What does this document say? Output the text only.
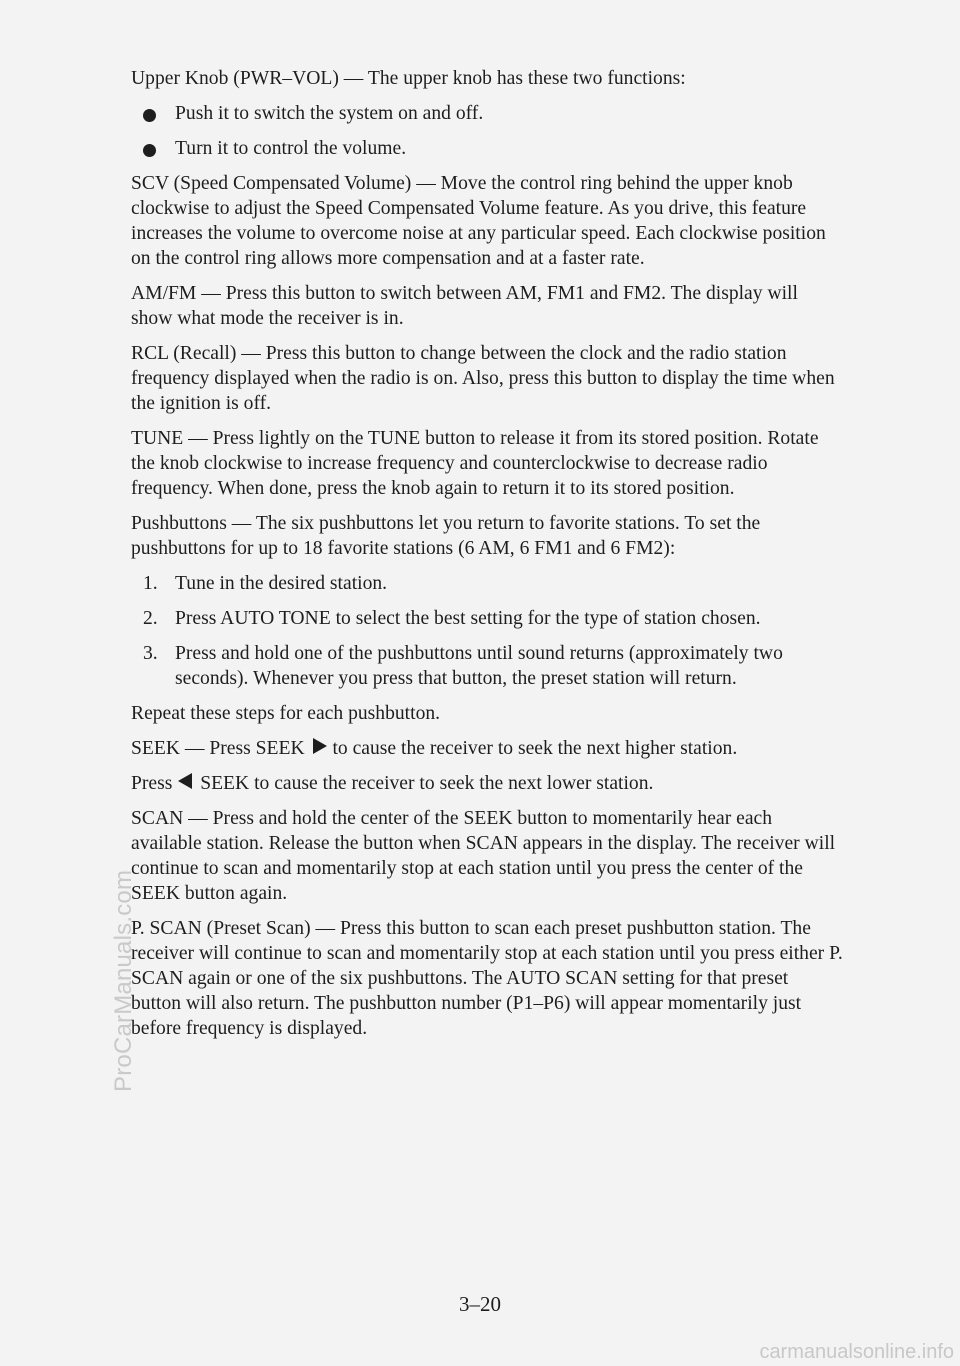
Upper Knob (PWR–VOL) — The upper knob has these two functions:

Push it to switch the system on and off.
Turn it to control the volume.

SCV (Speed Compensated Volume) — Move the control ring behind the upper knob clockwise to adjust the Speed Compensated Volume feature. As you drive, this feature increases the volume to overcome noise at any particular speed. Each clockwise position on the control ring allows more compensation and at a faster rate.

AM/FM — Press this button to switch between AM, FM1 and FM2. The display will show what mode the receiver is in.

RCL (Recall) — Press this button to change between the clock and the radio station frequency displayed when the radio is on. Also, press this button to display the time when the ignition is off.

TUNE — Press lightly on the TUNE button to release it from its stored position. Rotate the knob clockwise to increase frequency and counterclockwise to decrease radio frequency. When done, press the knob again to return it to its stored position.

Pushbuttons — The six pushbuttons let you return to favorite stations. To set the pushbuttons for up to 18 favorite stations (6 AM, 6 FM1 and 6 FM2):

1. Tune in the desired station.
2. Press AUTO TONE to select the best setting for the type of station chosen.
3. Press and hold one of the pushbuttons until sound returns (approximately two seconds). Whenever you press that button, the preset station will return.

Repeat these steps for each pushbutton.

SEEK — Press SEEK to cause the receiver to seek the next higher station.

Press SEEK to cause the receiver to seek the next lower station.

SCAN — Press and hold the center of the SEEK button to momentarily hear each available station. Release the button when SCAN appears in the display. The receiver will continue to scan and momentarily stop at each station until you press the center of the SEEK button again.

P. SCAN (Preset Scan) — Press this button to scan each preset pushbutton station. The receiver will continue to scan and momentarily stop at each station until you press either P. SCAN again or one of the six pushbuttons. The AUTO SCAN setting for that preset button will also return. The pushbutton number (P1–P6) will appear momentarily just before frequency is displayed.

3–20
ProCarManuals.com
carmanualsonline.info
